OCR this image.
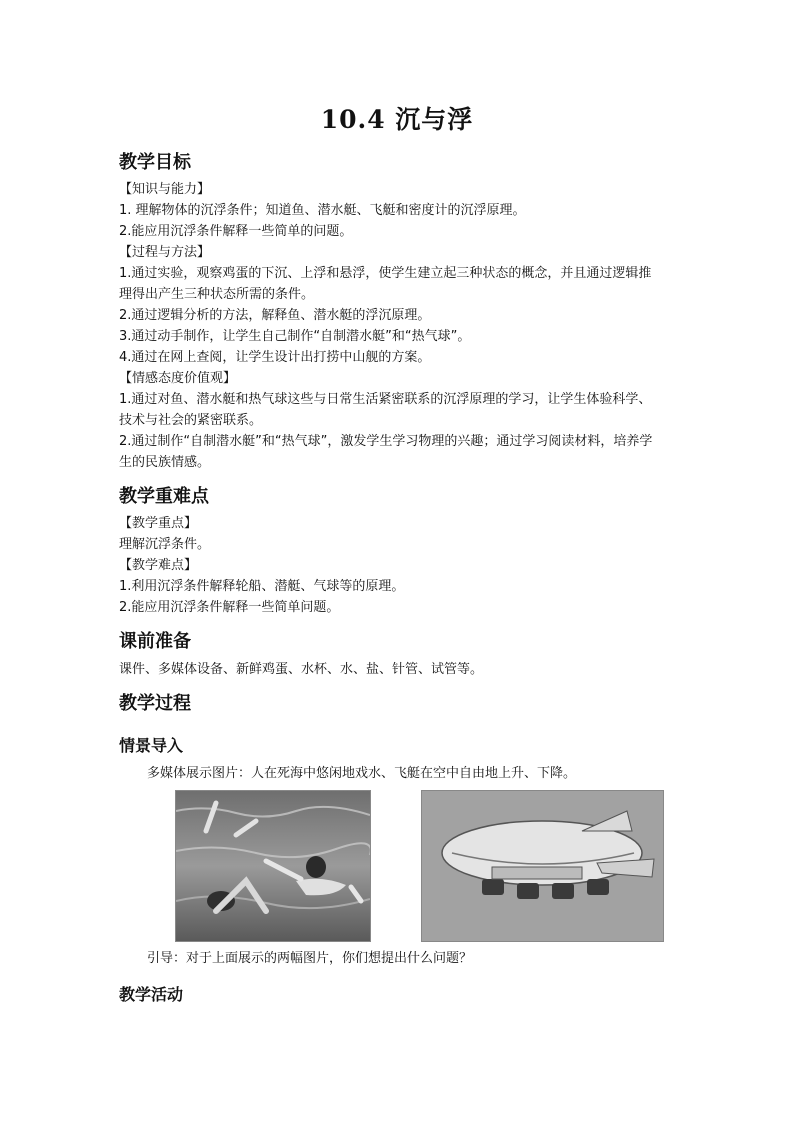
10.4 沉与浮
教学目标
【知识与能力】
1. 理解物体的沉浮条件；知道鱼、潜水艇、飞艇和密度计的沉浮原理。
2.能应用沉浮条件解释一些简单的问题。
【过程与方法】
1.通过实验，观察鸡蛋的下沉、上浮和悬浮，使学生建立起三种状态的概念，并且通过逻辑推
理得出产生三种状态所需的条件。
2.通过逻辑分析的方法，解释鱼、潜水艇的浮沉原理。
3.通过动手制作，让学生自己制作“自制潜水艇”和“热气球”。
4.通过在网上查阅，让学生设计出打捞中山舰的方案。
【情感态度价值观】
1.通过对鱼、潜水艇和热气球这些与日常生活紧密联系的沉浮原理的学习，让学生体验科学、
技术与社会的紧密联系。
2.通过制作“自制潜水艇”和“热气球”，激发学生学习物理的兴趣；通过学习阅读材料，培养学
生的民族情感。
教学重难点
【教学重点】
理解沉浮条件。
【教学难点】
1.利用沉浮条件解释轮船、潜艇、气球等的原理。
2.能应用沉浮条件解释一些简单问题。
课前准备
课件、多媒体设备、新鲜鸡蛋、水杯、水、盐、针管、试管等。
教学过程
情景导入
多媒体展示图片：人在死海中悠闲地戏水、飞艇在空中自由地上升、下降。
引导：对于上面展示的两幅图片，你们想提出什么问题？
教学活动
